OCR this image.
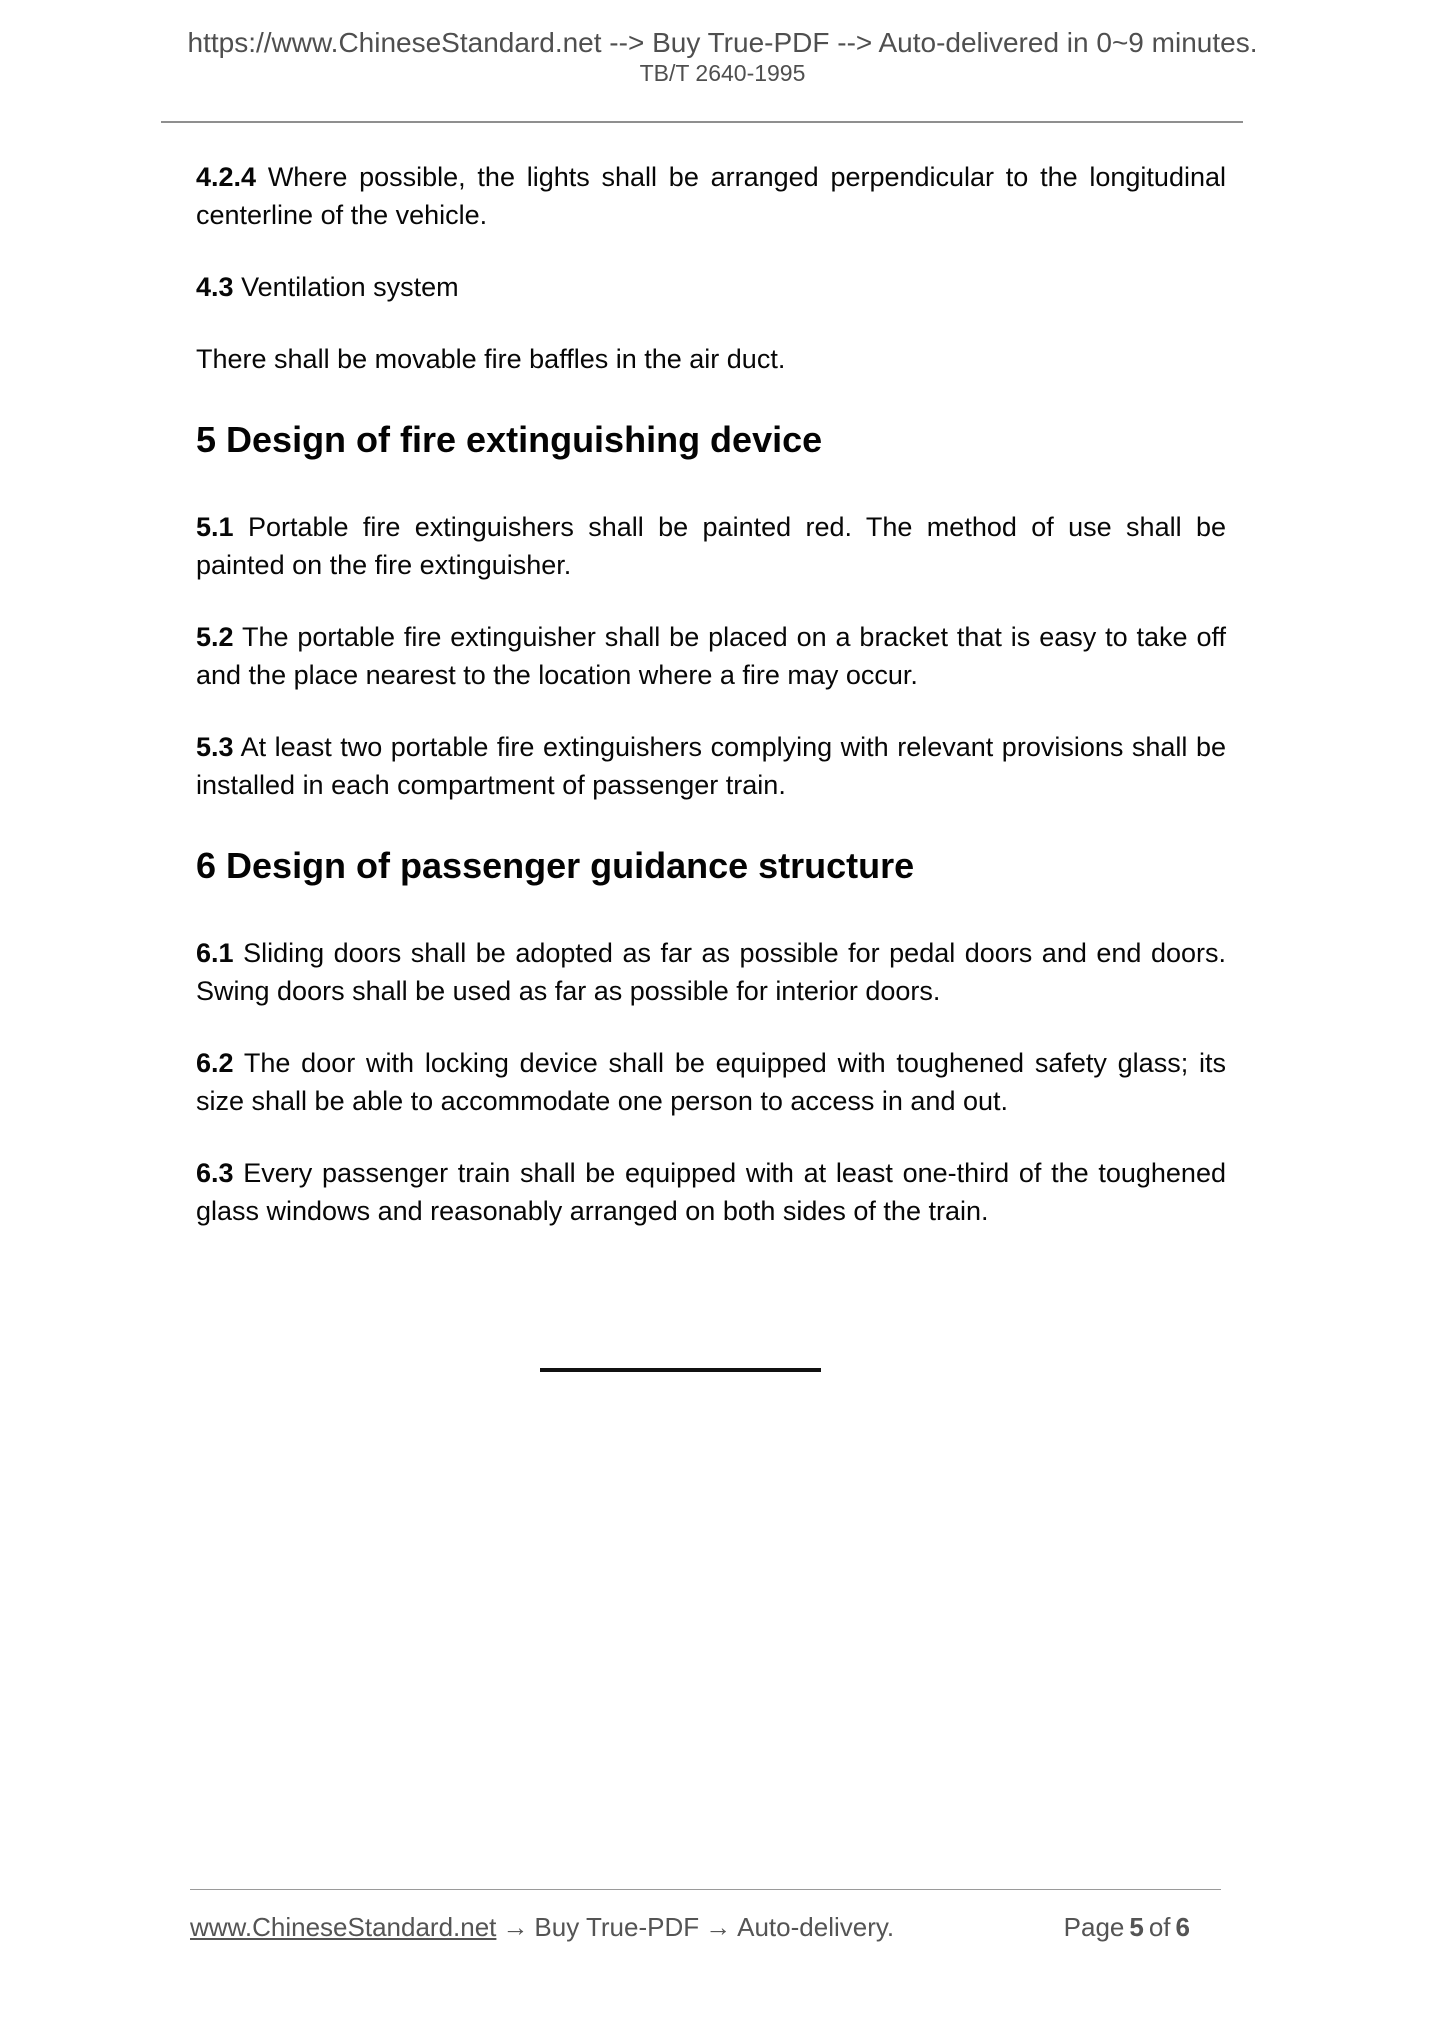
https://www.ChineseStandard.net --> Buy True-PDF --> Auto-delivered in 0~9 minutes.
TB/T 2640-1995

4.2.4 Where possible, the lights shall be arranged perpendicular to the longitudinal centerline of the vehicle.

4.3 Ventilation system

There shall be movable fire baffles in the air duct.

5 Design of fire extinguishing device

5.1 Portable fire extinguishers shall be painted red. The method of use shall be painted on the fire extinguisher.

5.2 The portable fire extinguisher shall be placed on a bracket that is easy to take off and the place nearest to the location where a fire may occur.

5.3 At least two portable fire extinguishers complying with relevant provisions shall be installed in each compartment of passenger train.

6 Design of passenger guidance structure

6.1 Sliding doors shall be adopted as far as possible for pedal doors and end doors. Swing doors shall be used as far as possible for interior doors.

6.2 The door with locking device shall be equipped with toughened safety glass; its size shall be able to accommodate one person to access in and out.

6.3 Every passenger train shall be equipped with at least one-third of the toughened glass windows and reasonably arranged on both sides of the train.

www.ChineseStandard.net → Buy True-PDF → Auto-delivery.	Page 5 of 6
